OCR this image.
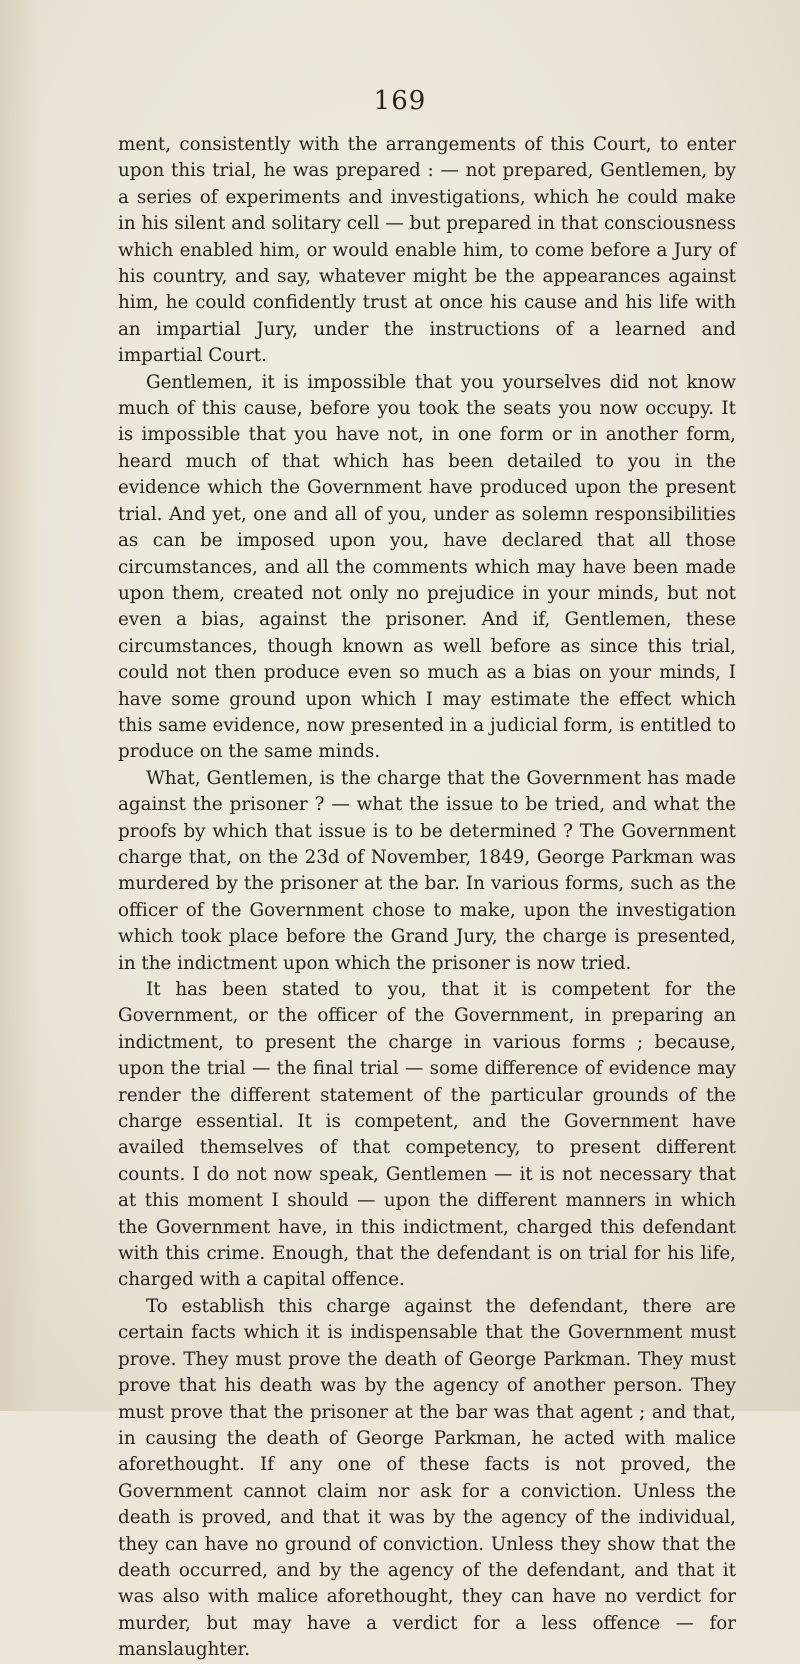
169

ment, consistently with the arrangements of this Court, to enter upon this trial, he was prepared : — not prepared, Gentlemen, by a series of experiments and investigations, which he could make in his silent and solitary cell — but prepared in that consciousness which enabled him, or would enable him, to come before a Jury of his country, and say, whatever might be the appearances against him, he could confidently trust at once his cause and his life with an impartial Jury, under the instructions of a learned and impartial Court.

Gentlemen, it is impossible that you yourselves did not know much of this cause, before you took the seats you now occupy. It is impossible that you have not, in one form or in another form, heard much of that which has been detailed to you in the evidence which the Government have produced upon the present trial. And yet, one and all of you, under as solemn responsibilities as can be imposed upon you, have declared that all those circumstances, and all the comments which may have been made upon them, created not only no prejudice in your minds, but not even a bias, against the prisoner. And if, Gentlemen, these circumstances, though known as well before as since this trial, could not then produce even so much as a bias on your minds, I have some ground upon which I may estimate the effect which this same evidence, now presented in a judicial form, is entitled to produce on the same minds.

What, Gentlemen, is the charge that the Government has made against the prisoner ? — what the issue to be tried, and what the proofs by which that issue is to be determined ? The Government charge that, on the 23d of November, 1849, George Parkman was murdered by the prisoner at the bar. In various forms, such as the officer of the Government chose to make, upon the investigation which took place before the Grand Jury, the charge is presented, in the indictment upon which the prisoner is now tried.

It has been stated to you, that it is competent for the Government, or the officer of the Government, in preparing an indictment, to present the charge in various forms ; because, upon the trial — the final trial — some difference of evidence may render the different statement of the particular grounds of the charge essential. It is competent, and the Government have availed themselves of that competency, to present different counts. I do not now speak, Gentlemen — it is not necessary that at this moment I should — upon the different manners in which the Government have, in this indictment, charged this defendant with this crime. Enough, that the defendant is on trial for his life, charged with a capital offence.

To establish this charge against the defendant, there are certain facts which it is indispensable that the Government must prove. They must prove the death of George Parkman. They must prove that his death was by the agency of another person. They must prove that the prisoner at the bar was that agent ; and that, in causing the death of George Parkman, he acted with malice aforethought. If any one of these facts is not proved, the Government cannot claim nor ask for a conviction. Unless the death is proved, and that it was by the agency of the individual, they can have no ground of conviction. Unless they show that the death occurred, and by the agency of the defendant, and that it was also with malice aforethought, they can have no verdict for murder, but may have a verdict for a less offence — for manslaughter.
